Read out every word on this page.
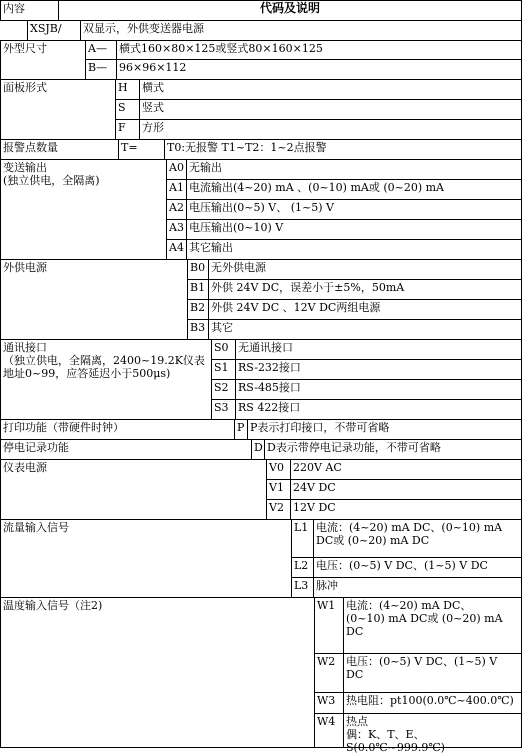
内容	代码及说明
XSJB/	双显示，外供变送器电源
外型尺寸	A—	横式160×80×125或竖式80×160×125
B—	96×96×112
面板形式	H	横式
S	竖式
F	方形
报警点数量	T=	T0:无报警 T1~T2：1~2点报警
变送输出
(独立供电，全隔离)
A0 无输出
A1 电流输出(4~20) mA 、(0~10) mA或 (0~20) mA
A2 电压输出(0~5) V、 (1~5) V
A3 电压输出(0~10) V
A4 其它输出
外供电源	B0 无外供电源
B1 外供 24V DC，误差小于±5%，50mA
B2 外供 24V DC 、12V DC两组电源
B3 其它
通讯接口
（独立供电，全隔离，2400~19.2K仪表地址0~99，应答延迟小于500μs)
S0 无通讯接口
S1 RS-232接口
S2 RS-485接口
S3 RS 422接口
打印功能（带硬件时钟）	P P表示打印接口，不带可省略
停电记录功能	D D表示带停电记录功能，不带可省略
仪表电源	V0 220V AC
V1 24V DC
V2 12V DC
流量输入信号	L1 电流：(4~20) mA DC、(0~10) mA DC或 (0~20) mA DC
L2 电压：(0~5) V DC、(1~5) V DC
L3 脉冲
温度输入信号（注2)	W1 电流：(4~20) mA DC、
(0~10) mA DC或 (0~20) mA
DC
W2 电压：(0~5) V DC、(1~5) V
DC
W3 热电阻：pt100(0.0℃~400.0℃)
W4 热点
偶：K、T、E、S(0.0℃~999.9℃)
